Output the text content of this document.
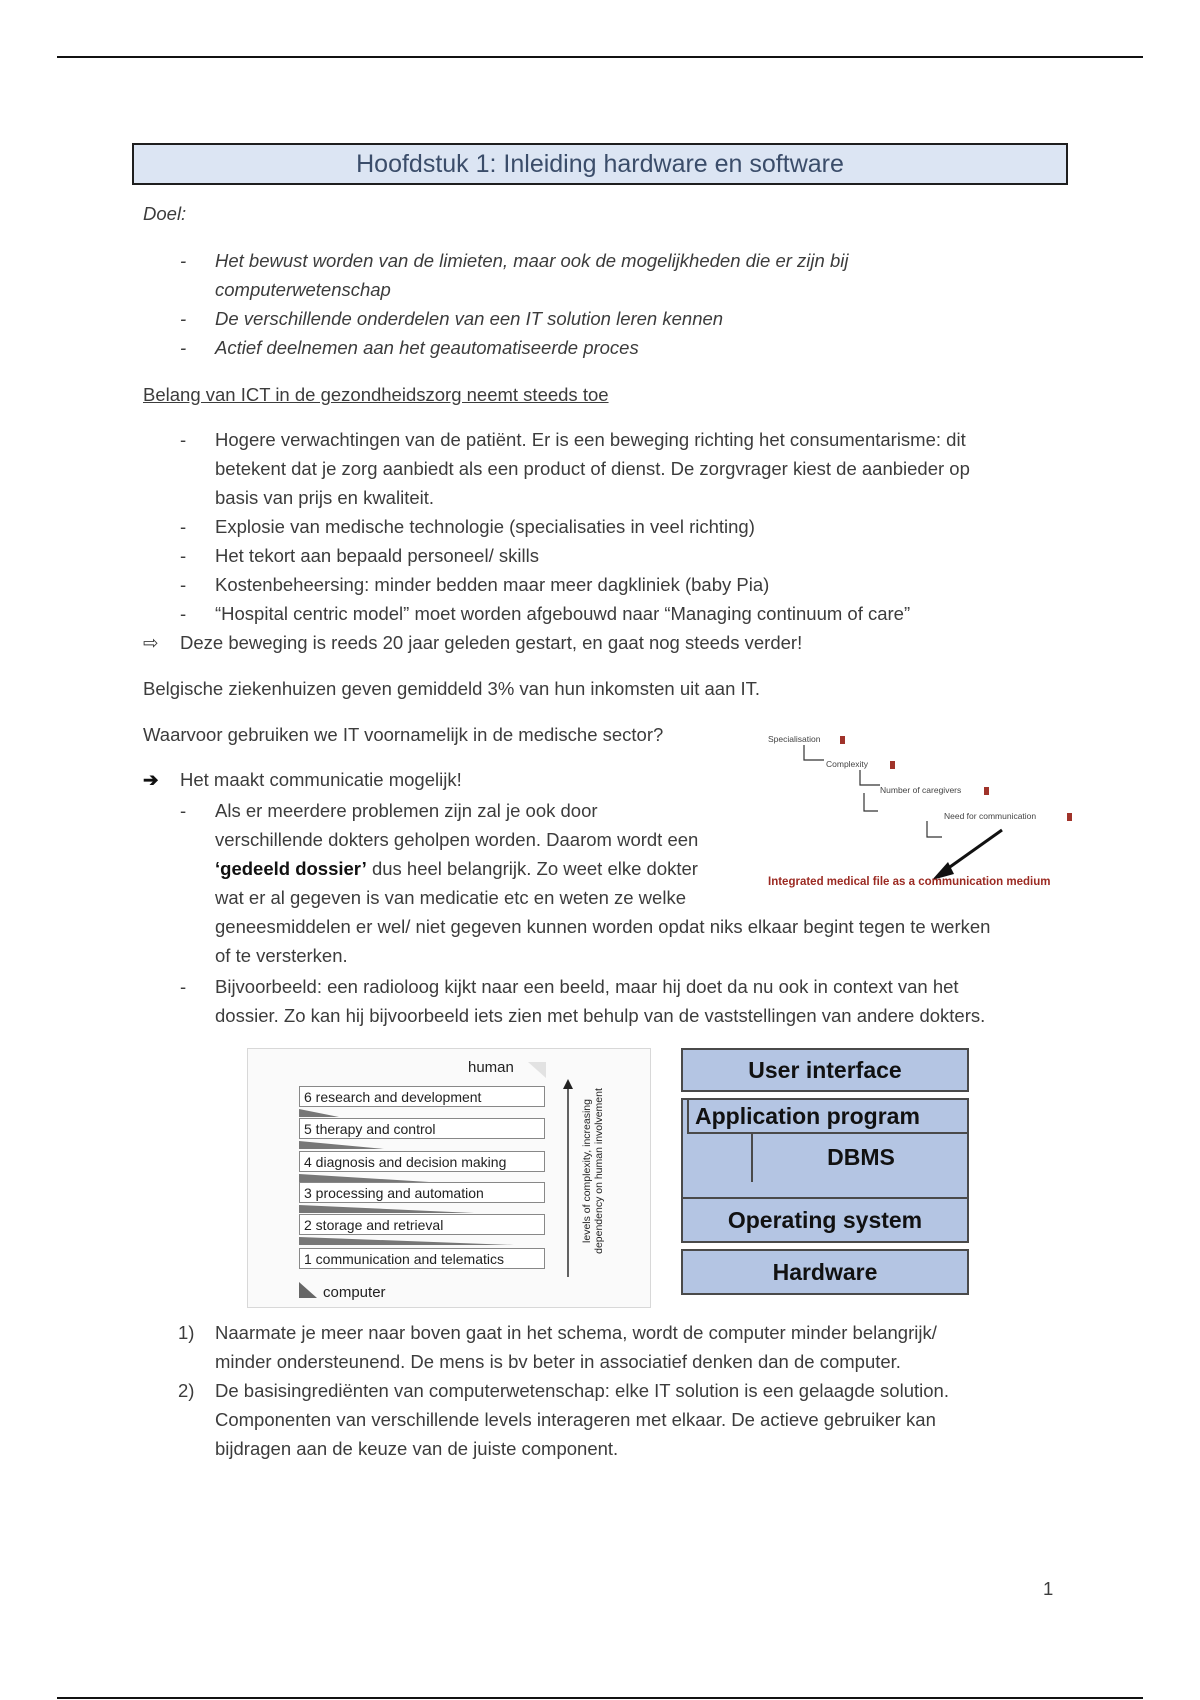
Hoofdstuk 1: Inleiding hardware en software
Doel:
- Het bewust worden van de limieten, maar ook de mogelijkheden die er zijn bij
computerwetenschap
- De verschillende onderdelen van een IT solution leren kennen
- Actief deelnemen aan het geautomatiseerde proces
Belang van ICT in de gezondheidszorg neemt steeds toe
- Hogere verwachtingen van de patiënt. Er is een beweging richting het consumentarisme: dit
betekent dat je zorg aanbiedt als een product of dienst. De zorgvrager kiest de aanbieder op
basis van prijs en kwaliteit.
- Explosie van medische technologie (specialisaties in veel richting)
- Het tekort aan bepaald personeel/ skills
- Kostenbeheersing: minder bedden maar meer dagkliniek (baby Pia)
- “Hospital centric model” moet worden afgebouwd naar “Managing continuum of care”
⇨ Deze beweging is reeds 20 jaar geleden gestart, en gaat nog steeds verder!
Belgische ziekenhuizen geven gemiddeld 3% van hun inkomsten uit aan IT.
Waarvoor gebruiken we IT voornamelijk in de medische sector?
➔ Het maakt communicatie mogelijk!
- Als er meerdere problemen zijn zal je ook door
verschillende dokters geholpen worden. Daarom wordt een
‘gedeeld dossier’ dus heel belangrijk. Zo weet elke dokter
wat er al gegeven is van medicatie etc en weten ze welke
geneesmiddelen er wel/ niet gegeven kunnen worden opdat niks elkaar begint tegen te werken
of te versterken.
Specialisation
Complexity
Number of caregivers
Need for communication
Integrated medical file as a communication medium
- Bijvoorbeeld: een radioloog kijkt naar een beeld, maar hij doet da nu ook in context van het
dossier. Zo kan hij bijvoorbeeld iets zien met behulp van de vaststellingen van andere dokters.
human
6 research and development
5 therapy and control
4 diagnosis and decision making
3 processing and automation
2 storage and retrieval
1 communication and telematics
computer
levels of complexity, increasing dependency on human involvement
User interface
Application program
DBMS
Operating system
Hardware
1) Naarmate je meer naar boven gaat in het schema, wordt de computer minder belangrijk/
minder ondersteunend. De mens is bv beter in associatief denken dan de computer.
2) De basisingrediënten van computerwetenschap: elke IT solution is een gelaagde solution.
Componenten van verschillende levels interageren met elkaar. De actieve gebruiker kan
bijdragen aan de keuze van de juiste component.
1
